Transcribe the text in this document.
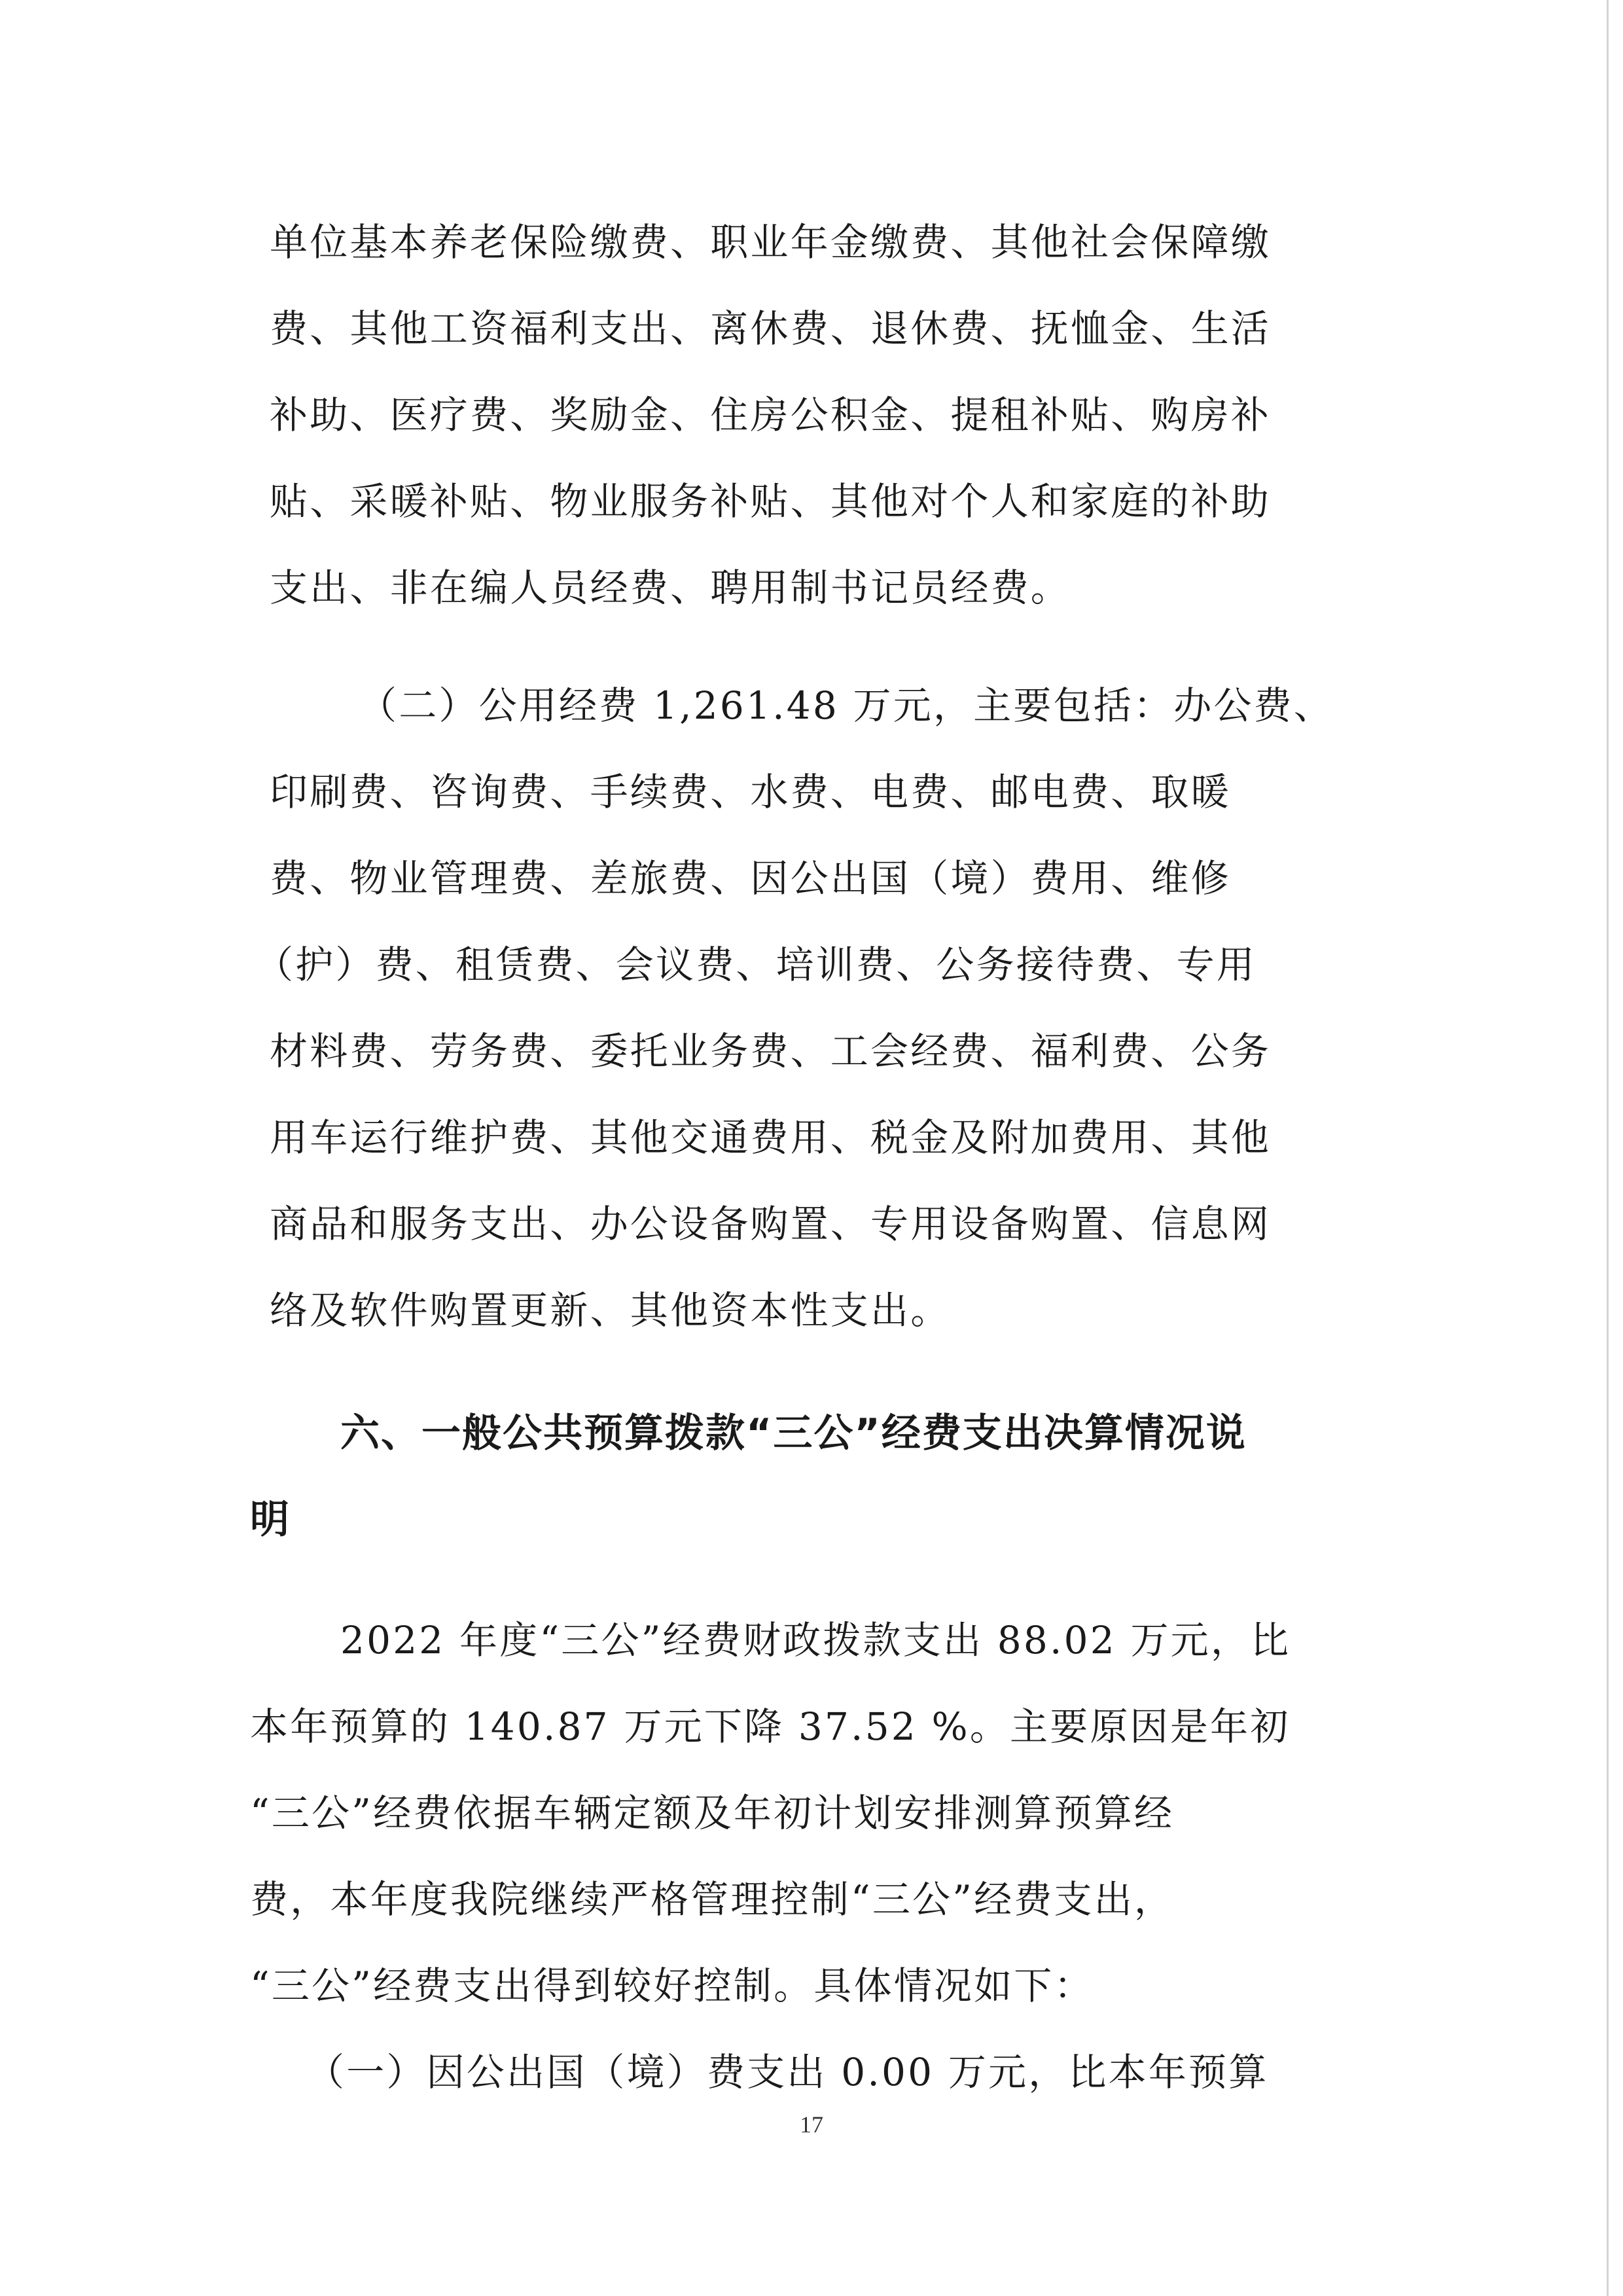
单位基本养老保险缴费、职业年金缴费、其他社会保障缴
费、其他工资福利支出、离休费、退休费、抚恤金、生活
补助、医疗费、奖励金、住房公积金、提租补贴、购房补
贴、采暖补贴、物业服务补贴、其他对个人和家庭的补助
支出、非在编人员经费、聘用制书记员经费。
（二）公用经费 1,261.48 万元，主要包括：办公费、
印刷费、咨询费、手续费、水费、电费、邮电费、取暖
费、物业管理费、差旅费、因公出国（境）费用、维修
（护）费、租赁费、会议费、培训费、公务接待费、专用
材料费、劳务费、委托业务费、工会经费、福利费、公务
用车运行维护费、其他交通费用、税金及附加费用、其他
商品和服务支出、办公设备购置、专用设备购置、信息网
络及软件购置更新、其他资本性支出。
六、一般公共预算拨款“三公”经费支出决算情况说
明
2022 年度“三公”经费财政拨款支出 88.02 万元，比
本年预算的 140.87 万元下降 37.52 %。主要原因是年初
“三公”经费依据车辆定额及年初计划安排测算预算经
费，本年度我院继续严格管理控制“三公”经费支出，
“三公”经费支出得到较好控制。具体情况如下：
（一）因公出国（境）费支出 0.00 万元，比本年预算
17
